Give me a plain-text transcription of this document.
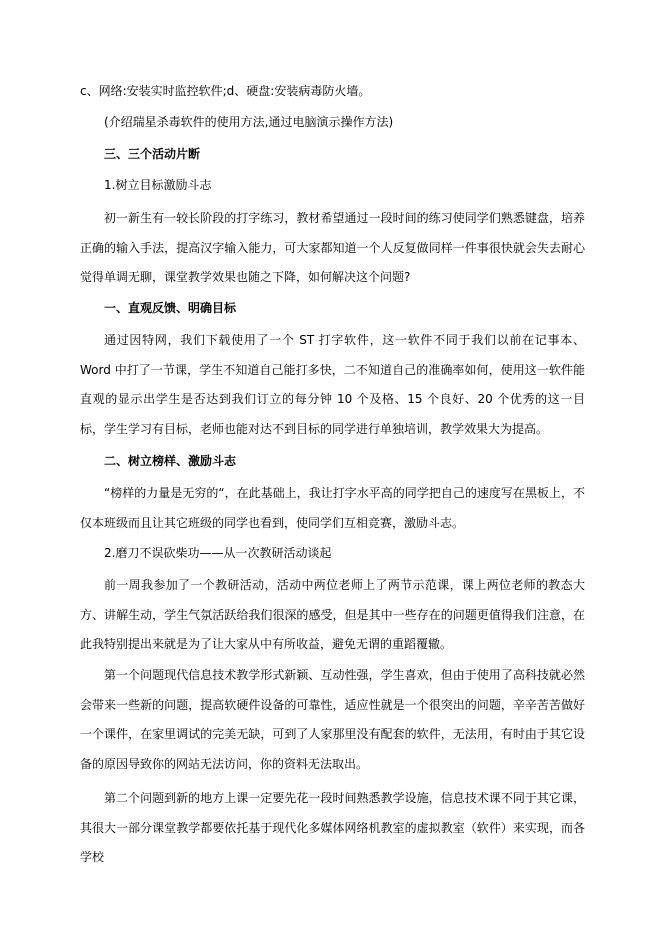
c、网络:安装实时监控软件;d、硬盘:安装病毒防火墙。

(介绍瑞星杀毒软件的使用方法,通过电脑演示操作方法)

三、三个活动片断

1.树立目标激励斗志

初一新生有一较长阶段的打字练习，教材希望通过一段时间的练习使同学们熟悉键盘，培养正确的输入手法，提高汉字输入能力，可大家都知道一个人反复做同样一件事很快就会失去耐心觉得单调无聊，课堂教学效果也随之下降，如何解决这个问题?

一、直观反馈、明确目标

通过因特网，我们下载使用了一个 ST 打字软件，这一软件不同于我们以前在记事本、Word 中打了一节课，学生不知道自己能打多快，二不知道自己的准确率如何，使用这一软件能直观的显示出学生是否达到我们订立的每分钟 10 个及格、15 个良好、20 个优秀的这一目标，学生学习有目标，老师也能对达不到目标的同学进行单独培训，教学效果大为提高。

二、树立榜样、激励斗志

“榜样的力量是无穷的“，在此基础上，我让打字水平高的同学把自己的速度写在黑板上，不仅本班级而且让其它班级的同学也看到，使同学们互相竞赛，激励斗志。

2.磨刀不误砍柴功——从一次教研活动谈起

前一周我参加了一个教研活动，活动中两位老师上了两节示范课，课上两位老师的教态大方、讲解生动，学生气氛活跃给我们很深的感受，但是其中一些存在的问题更值得我们注意，在此我特别提出来就是为了让大家从中有所收益，避免无谓的重蹈覆辙。

第一个问题现代信息技术教学形式新颖、互动性强，学生喜欢，但由于使用了高科技就必然会带来一些新的问题，提高软硬件设备的可靠性，适应性就是一个很突出的问题，辛辛苦苦做好一个课件，在家里调试的完美无缺，可到了人家那里没有配套的软件，无法用，有时由于其它设备的原因导致你的网站无法访问，你的资料无法取出。

第二个问题到新的地方上课一定要先花一段时间熟悉教学设施，信息技术课不同于其它课，其很大一部分课堂教学都要依托基于现代化多媒体网络机教室的虚拟教室（软件）来实现，而各学校
